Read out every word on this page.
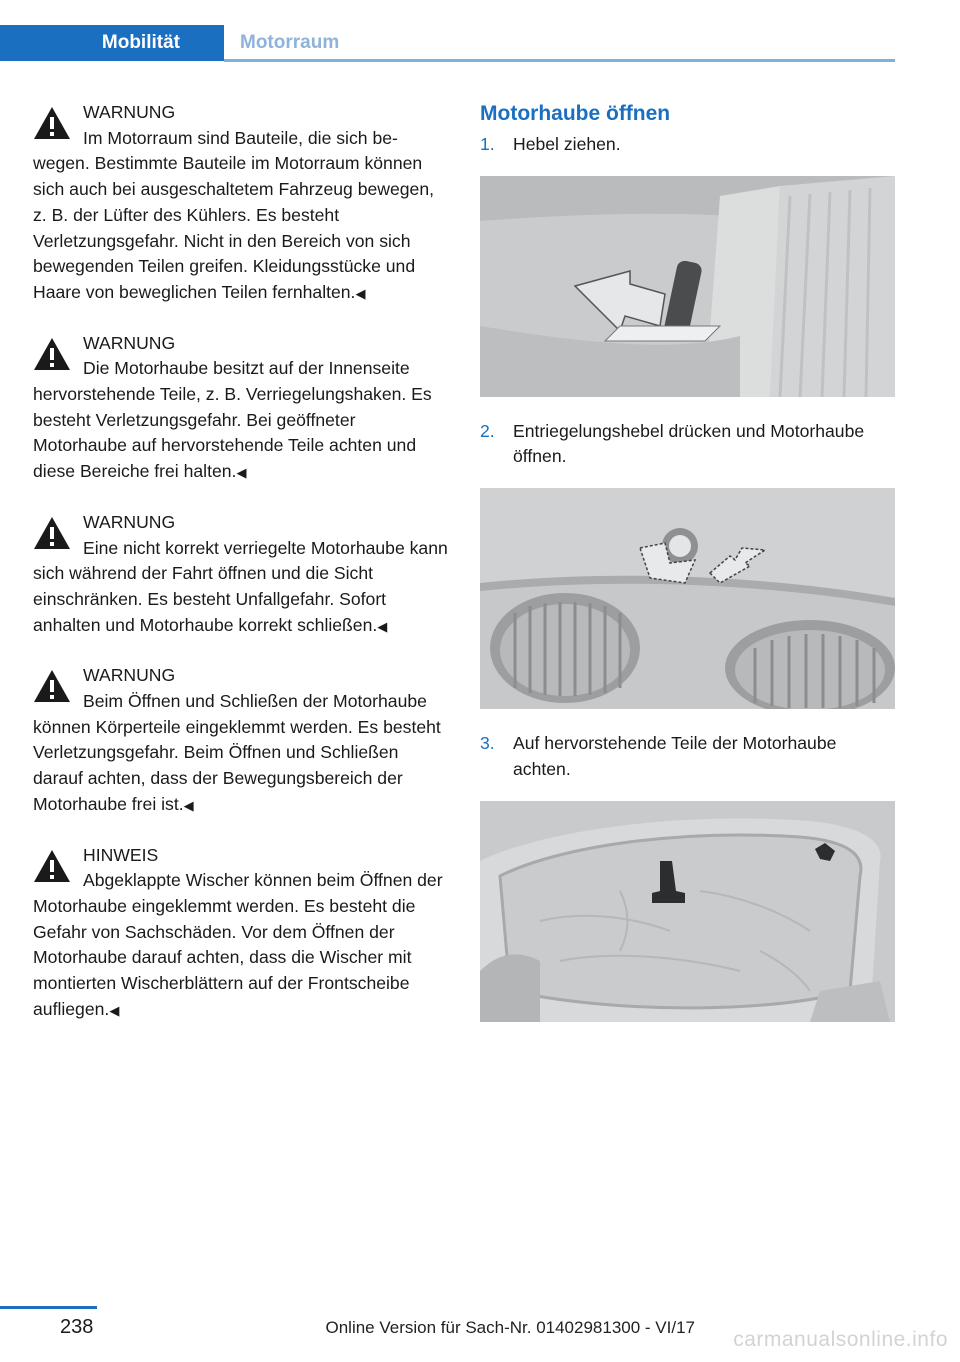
Mobilität	Motorraum
WARNUNG
Im Motorraum sind Bauteile, die sich bewegen. Bestimmte Bauteile im Motorraum können sich auch bei ausgeschaltetem Fahrzeug bewegen, z. B. der Lüfter des Kühlers. Es besteht Verletzungsgefahr. Nicht in den Bereich von sich bewegenden Teilen greifen. Kleidungsstücke und Haare von beweglichen Teilen fernhalten.◀
WARNUNG
Die Motorhaube besitzt auf der Innenseite hervorstehende Teile, z. B. Verriegelungshaken. Es besteht Verletzungsgefahr. Bei geöffneter Motorhaube auf hervorstehende Teile achten und diese Bereiche frei halten.◀
WARNUNG
Eine nicht korrekt verriegelte Motorhaube kann sich während der Fahrt öffnen und die Sicht einschränken. Es besteht Unfallgefahr. Sofort anhalten und Motorhaube korrekt schließen.◀
WARNUNG
Beim Öffnen und Schließen der Motorhaube können Körperteile eingeklemmt werden. Es besteht Verletzungsgefahr. Beim Öffnen und Schließen darauf achten, dass der Bewegungsbereich der Motorhaube frei ist.◀
HINWEIS
Abgeklappte Wischer können beim Öffnen der Motorhaube eingeklemmt werden. Es besteht die Gefahr von Sachschäden. Vor dem Öffnen der Motorhaube darauf achten, dass die Wischer mit montierten Wischerblättern auf der Frontscheibe aufliegen.◀
Motorhaube öffnen
1.	Hebel ziehen.
2.	Entriegelungshebel drücken und Motorhaube öffnen.
3.	Auf hervorstehende Teile der Motorhaube achten.
238	Online Version für Sach-Nr. 01402981300 - VI/17
carmanualsonline.info
